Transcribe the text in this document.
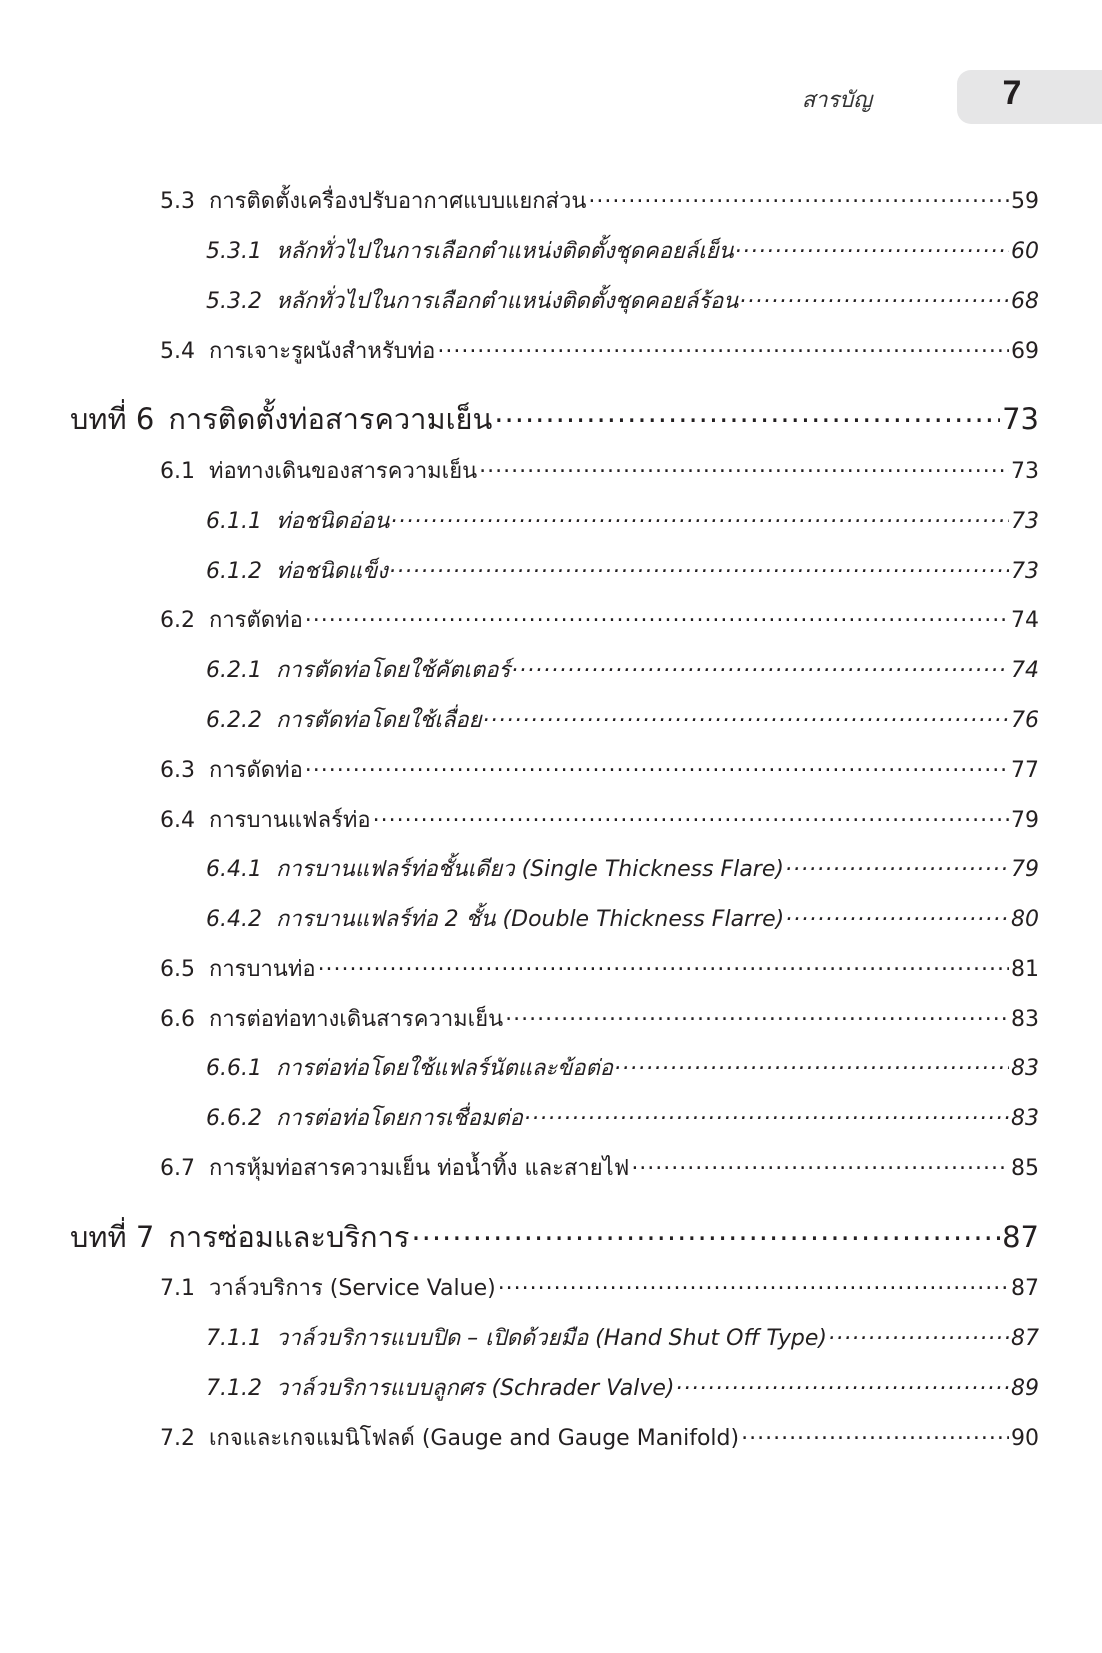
สารบัญ	7
5.3 การติดตั้งเครื่องปรับอากาศแบบแยกส่วน .....	59
5.3.1 หลักทั่วไปในการเลือกตำแหน่งติดตั้งชุดคอยล์เย็น .....	60
5.3.2 หลักทั่วไปในการเลือกตำแหน่งติดตั้งชุดคอยล์ร้อน .....	68
5.4 การเจาะรูผนังสำหรับท่อ .....	69
บทที่ 6 การติดตั้งท่อสารความเย็น .....	73
6.1 ท่อทางเดินของสารความเย็น .....	73
6.1.1 ท่อชนิดอ่อน .....	73
6.1.2 ท่อชนิดแข็ง .....	73
6.2 การตัดท่อ .....	74
6.2.1 การตัดท่อโดยใช้คัตเตอร์ .....	74
6.2.2 การตัดท่อโดยใช้เลื่อย .....	76
6.3 การดัดท่อ .....	77
6.4 การบานแฟลร์ท่อ .....	79
6.4.1 การบานแฟลร์ท่อชั้นเดียว (Single Thickness Flare) .....	79
6.4.2 การบานแฟลร์ท่อ 2 ชั้น (Double Thickness Flarre) .....	80
6.5 การบานท่อ .....	81
6.6 การต่อท่อทางเดินสารความเย็น .....	83
6.6.1 การต่อท่อโดยใช้แฟลร์นัตและข้อต่อ .....	83
6.6.2 การต่อท่อโดยการเชื่อมต่อ .....	83
6.7 การหุ้มท่อสารความเย็น ท่อน้ำทิ้ง และสายไฟ .....	85
บทที่ 7 การซ่อมและบริการ .....	87
7.1 วาล์วบริการ (Service Value) .....	87
7.1.1 วาล์วบริการแบบปิด – เปิดด้วยมือ (Hand Shut Off Type) .....	87
7.1.2 วาล์วบริการแบบลูกศร (Schrader Valve) .....	89
7.2 เกจและเกจแมนิโฟลด์ (Gauge and Gauge Manifold) .....	90
